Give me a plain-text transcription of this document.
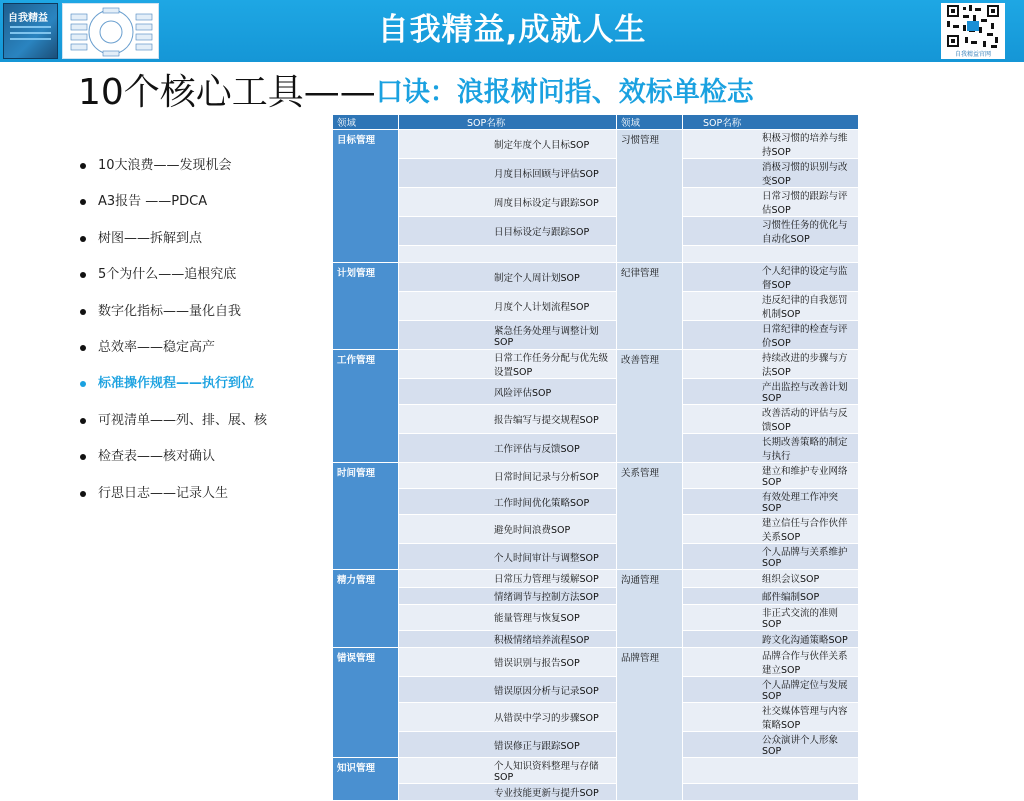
自我精益	自我精益,成就人生
自我精益官网
10个核心工具——口诀：浪报树问指、效标单检志
10大浪费——发现机会
A3报告 ——PDCA
树图——拆解到点
5个为什么——追根究底
数字化指标——量化自我
总效率——稳定高产
标准操作规程——执行到位
可视清单——列、排、展、核
检查表——核对确认
行思日志——记录人生
领域	SOP名称	领域	SOP名称
目标管理	制定年度个人目标SOP	习惯管理	积极习惯的培养与维持SOP
	月度目标回顾与评估SOP		消极习惯的识别与改变SOP
	周度目标设定与跟踪SOP		日常习惯的跟踪与评估SOP
	日目标设定与跟踪SOP		习惯性任务的优化与自动化SOP

计划管理	制定个人周计划SOP	纪律管理	个人纪律的设定与监督SOP
	月度个人计划流程SOP		违反纪律的自我惩罚机制SOP
	紧急任务处理与调整计划SOP		日常纪律的检查与评价SOP
工作管理	日常工作任务分配与优先级设置SOP	改善管理	持续改进的步骤与方法SOP
	风险评估SOP		产出监控与改善计划SOP
	报告编写与提交规程SOP		改善活动的评估与反馈SOP
	工作评估与反馈SOP		长期改善策略的制定与执行
时间管理	日常时间记录与分析SOP	关系管理	建立和维护专业网络SOP
	工作时间优化策略SOP		有效处理工作冲突SOP
	避免时间浪费SOP		建立信任与合作伙伴关系SOP
	个人时间审计与调整SOP		个人品牌与关系维护SOP
精力管理	日常压力管理与缓解SOP	沟通管理	组织会议SOP
	情绪调节与控制方法SOP		邮件编制SOP
	能量管理与恢复SOP		非正式交流的准则SOP
	积极情绪培养流程SOP		跨文化沟通策略SOP
错误管理	错误识别与报告SOP	品牌管理	品牌合作与伙伴关系建立SOP
	错误原因分析与记录SOP		个人品牌定位与发展SOP
	从错误中学习的步骤SOP		社交媒体管理与内容策略SOP
	错误修正与跟踪SOP		公众演讲个人形象SOP
知识管理	个人知识资料整理与存储SOP		
	专业技能更新与提升SOP		
